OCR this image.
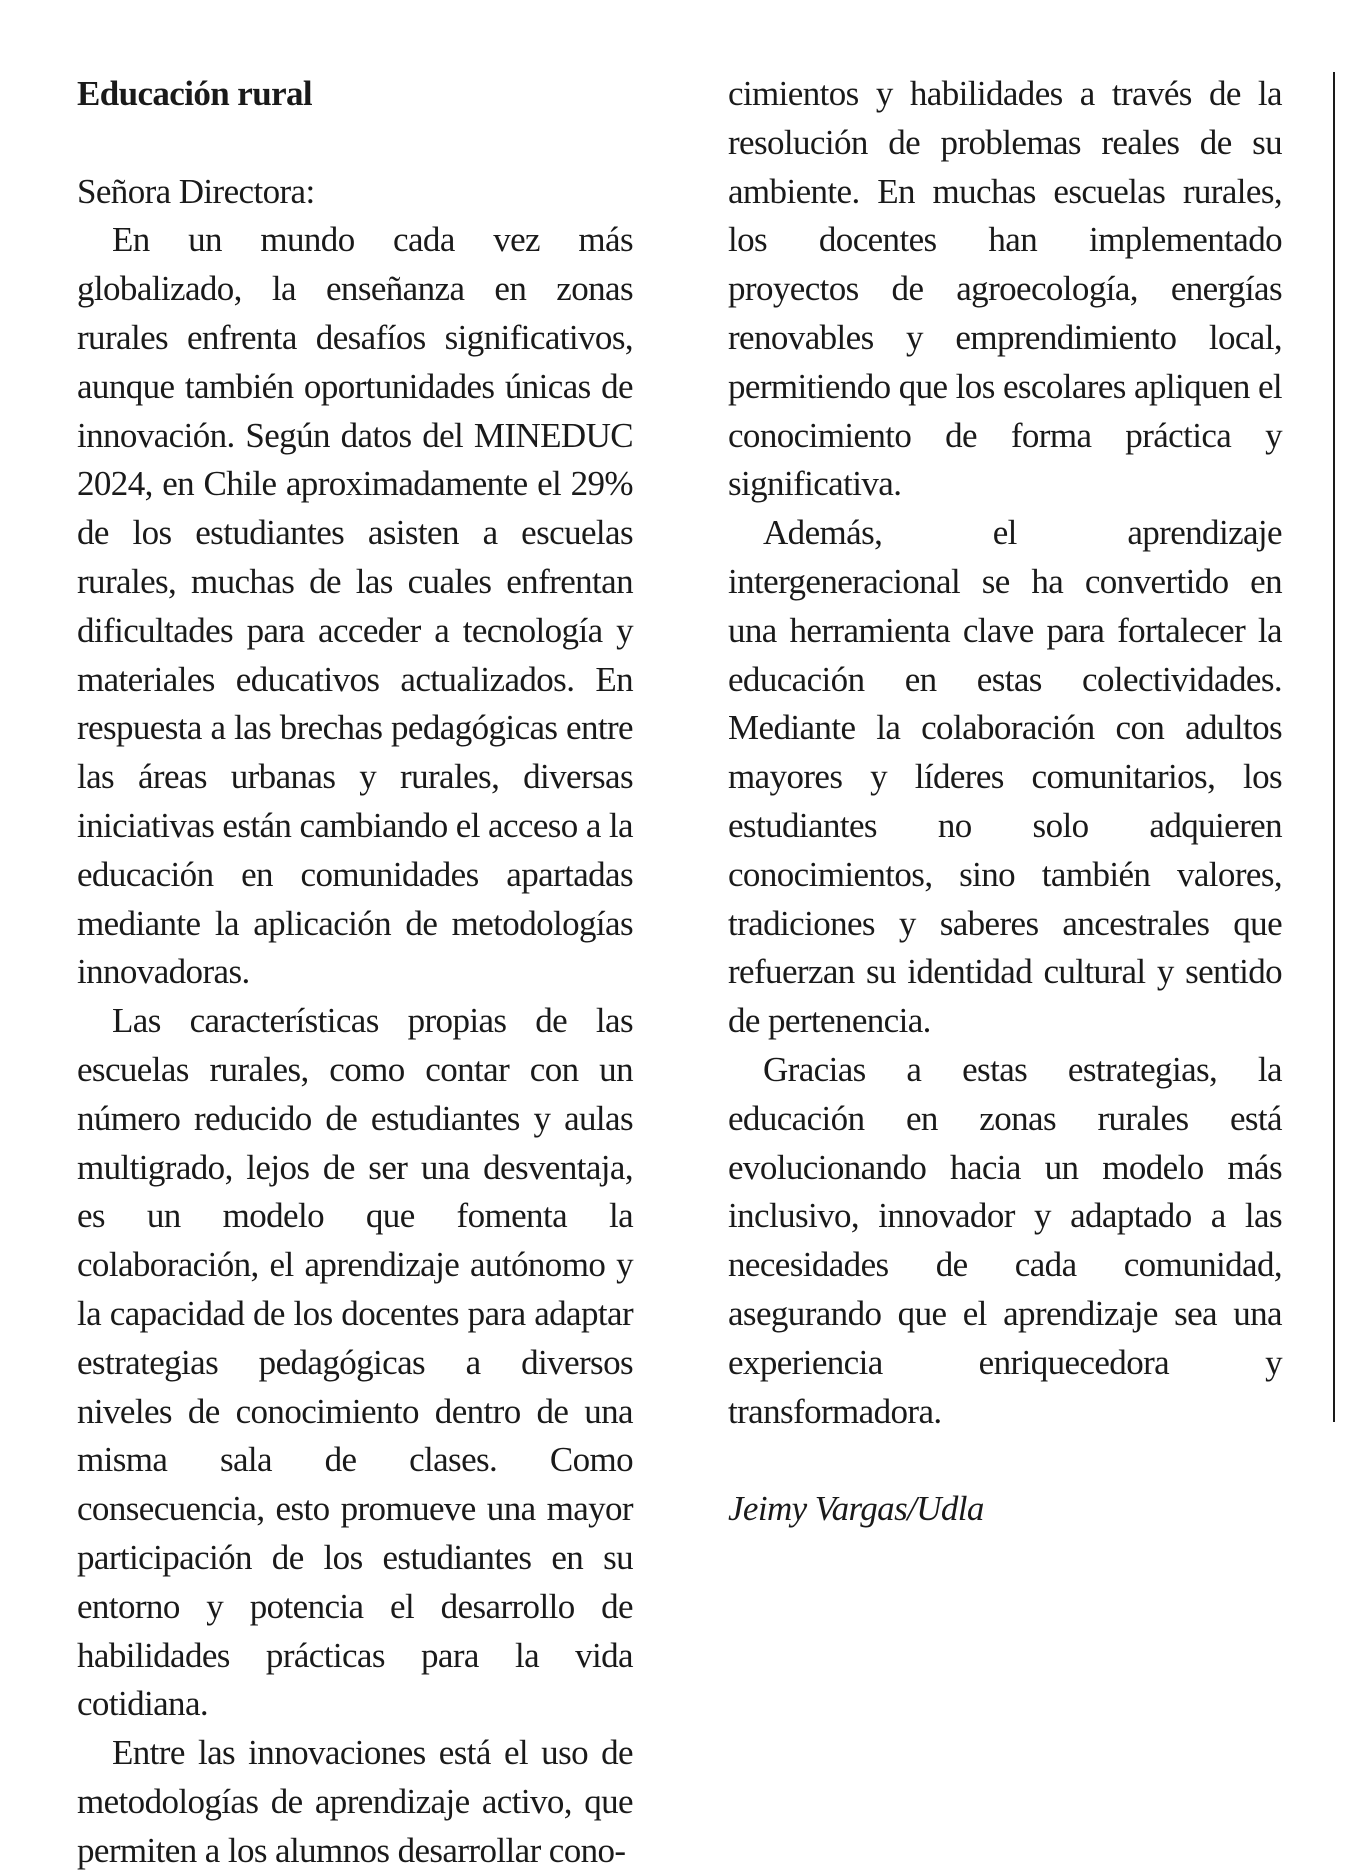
Educación rural

Señora Directora:

En un mundo cada vez más globalizado, la enseñanza en zonas rurales enfrenta desafíos significativos, aunque también oportunidades únicas de innovación. Según datos del MINEDUC 2024, en Chile aproximadamente el 29% de los estudiantes asisten a escuelas rurales, muchas de las cuales enfrentan dificultades para acceder a tecnología y materiales educativos actualizados. En respuesta a las brechas pedagógicas entre las áreas urbanas y rurales, diversas iniciativas están cambiando el acceso a la educación en comunidades apartadas mediante la aplicación de metodologías innovadoras.

Las características propias de las escuelas rurales, como contar con un número reducido de estudiantes y aulas multigrado, lejos de ser una desventaja, es un modelo que fomenta la colaboración, el aprendizaje autónomo y la capacidad de los docentes para adaptar estrategias pedagógicas a diversos niveles de conocimiento dentro de una misma sala de clases. Como consecuencia, esto promueve una mayor participación de los estudiantes en su entorno y potencia el desarrollo de habilidades prácticas para la vida cotidiana.

Entre las innovaciones está el uso de metodologías de aprendizaje activo, que permiten a los alumnos desarrollar cono-

cimientos y habilidades a través de la resolución de problemas reales de su ambiente. En muchas escuelas rurales, los docentes han implementado proyectos de agroecología, energías renovables y emprendimiento local, permitiendo que los escolares apliquen el conocimiento de forma práctica y significativa.

Además, el aprendizaje intergeneracional se ha convertido en una herramienta clave para fortalecer la educación en estas colectividades. Mediante la colaboración con adultos mayores y líderes comunitarios, los estudiantes no solo adquieren conocimientos, sino también valores, tradiciones y saberes ancestrales que refuerzan su identidad cultural y sentido de pertenencia.

Gracias a estas estrategias, la educación en zonas rurales está evolucionando hacia un modelo más inclusivo, innovador y adaptado a las necesidades de cada comunidad, asegurando que el aprendizaje sea una experiencia enriquecedora y transformadora.

Jeimy Vargas/Udla
